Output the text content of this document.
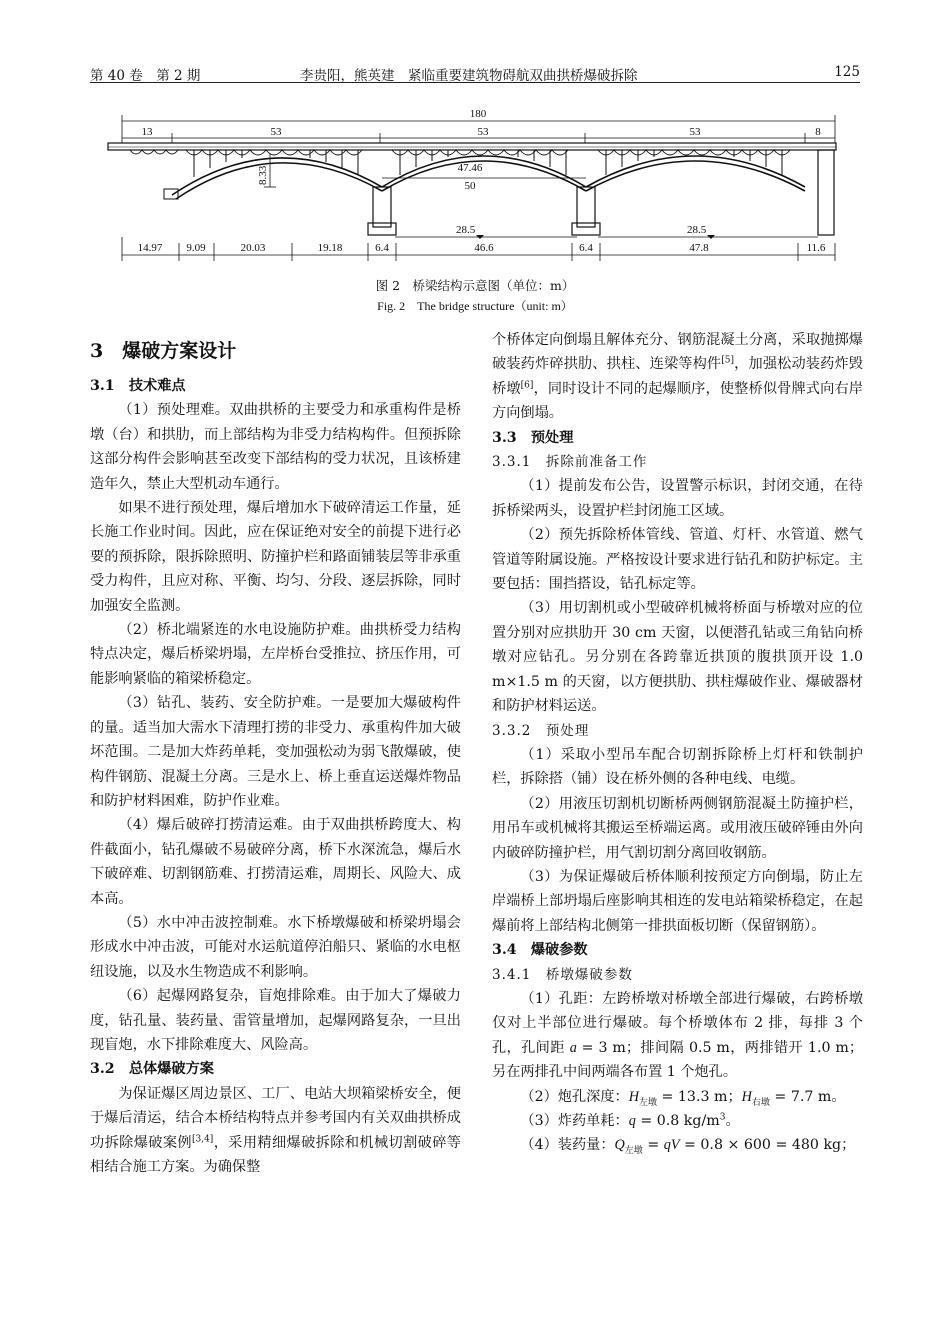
第 40 卷　第 2 期	李贵阳，熊英建　紧临重要建筑物碍航双曲拱桥爆破拆除	125
180
13	53	53	53	8
8.33	47.46
50
28.5	28.5
14.97 9.09	20.03	19.18	6.4	46.6	6.4	47.8	11.6
图 2　桥梁结构示意图（单位：m）
Fig. 2　The bridge structure（unit: m）

3　爆破方案设计

3.1　技术难点

（1）预处理难。双曲拱桥的主要受力和承重构件是桥墩（台）和拱肋，而上部结构为非受力结构构件。但预拆除这部分构件会影响甚至改变下部结构的受力状况，且该桥建造年久，禁止大型机动车通行。

如果不进行预处理，爆后增加水下破碎清运工作量，延长施工作业时间。因此，应在保证绝对安全的前提下进行必要的预拆除，限拆除照明、防撞护栏和路面铺装层等非承重受力构件，且应对称、平衡、均匀、分段、逐层拆除，同时加强安全监测。

（2）桥北端紧连的水电设施防护难。曲拱桥受力结构特点决定，爆后桥梁坍塌，左岸桥台受推拉、挤压作用，可能影响紧临的箱梁桥稳定。

（3）钻孔、装药、安全防护难。一是要加大爆破构件的量。适当加大需水下清理打捞的非受力、承重构件加大破坏范围。二是加大炸药单耗，变加强松动为弱飞散爆破，使构件钢筋、混凝土分离。三是水上、桥上垂直运送爆炸物品和防护材料困难，防护作业难。

（4）爆后破碎打捞清运难。由于双曲拱桥跨度大、构件截面小，钻孔爆破不易破碎分离，桥下水深流急，爆后水下破碎难、切割钢筋难、打捞清运难，周期长、风险大、成本高。

（5）水中冲击波控制难。水下桥墩爆破和桥梁坍塌会形成水中冲击波，可能对水运航道停泊船只、紧临的水电枢纽设施，以及水生物造成不利影响。

（6）起爆网路复杂，盲炮排除难。由于加大了爆破力度，钻孔量、装药量、雷管量增加，起爆网路复杂，一旦出现盲炮，水下排除难度大、风险高。

3.2　总体爆破方案

为保证爆区周边景区、工厂、电站大坝箱梁桥安全，便于爆后清运，结合本桥结构特点并参考国内有关双曲拱桥成功拆除爆破案例[3,4]，采用精细爆破拆除和机械切割破碎等相结合施工方案。为确保整

个桥体定向倒塌且解体充分、钢筋混凝土分离，采取抛掷爆破装药炸碎拱肋、拱柱、连梁等构件[5]，加强松动装药炸毁桥墩[6]，同时设计不同的起爆顺序，使整桥似骨牌式向右岸方向倒塌。

3.3　预处理

3.3.1　拆除前准备工作

（1）提前发布公告，设置警示标识，封闭交通，在待拆桥梁两头，设置护栏封闭施工区域。

（2）预先拆除桥体管线、管道、灯杆、水管道、燃气管道等附属设施。严格按设计要求进行钻孔和防护标定。主要包括：围挡搭设，钻孔标定等。

（3）用切割机或小型破碎机械将桥面与桥墩对应的位置分别对应拱肋开 30 cm 天窗，以便潜孔钻或三角钻向桥墩对应钻孔。另分别在各跨靠近拱顶的腹拱顶开设 1.0 m×1.5 m 的天窗，以方便拱肋、拱柱爆破作业、爆破器材和防护材料运送。

3.3.2　预处理

（1）采取小型吊车配合切割拆除桥上灯杆和铁制护栏，拆除搭（铺）设在桥外侧的各种电线、电缆。

（2）用液压切割机切断桥两侧钢筋混凝土防撞护栏，用吊车或机械将其搬运至桥端运离。或用液压破碎锤由外向内破碎防撞护栏，用气割切割分离回收钢筋。

（3）为保证爆破后桥体顺利按预定方向倒塌，防止左岸端桥上部坍塌后座影响其相连的发电站箱梁桥稳定，在起爆前将上部结构北侧第一排拱面板切断（保留钢筋）。

3.4　爆破参数

3.4.1　桥墩爆破参数

（1）孔距：左跨桥墩对桥墩全部进行爆破，右跨桥墩仅对上半部位进行爆破。每个桥墩体布 2 排，每排 3 个孔，孔间距 a = 3 m；排间隔 0.5 m，两排错开 1.0 m；另在两排孔中间两端各布置 1 个炮孔。

（2）炮孔深度：$H_{左墩} = 13.3$ m；$H_{右墩} = 7.7$ m。

（3）炸药单耗：q = 0.8 $kg/m^3$。

（4）装药量：$Q_{左墩}$ = qV = 0.8 × 600 = 480 kg；
